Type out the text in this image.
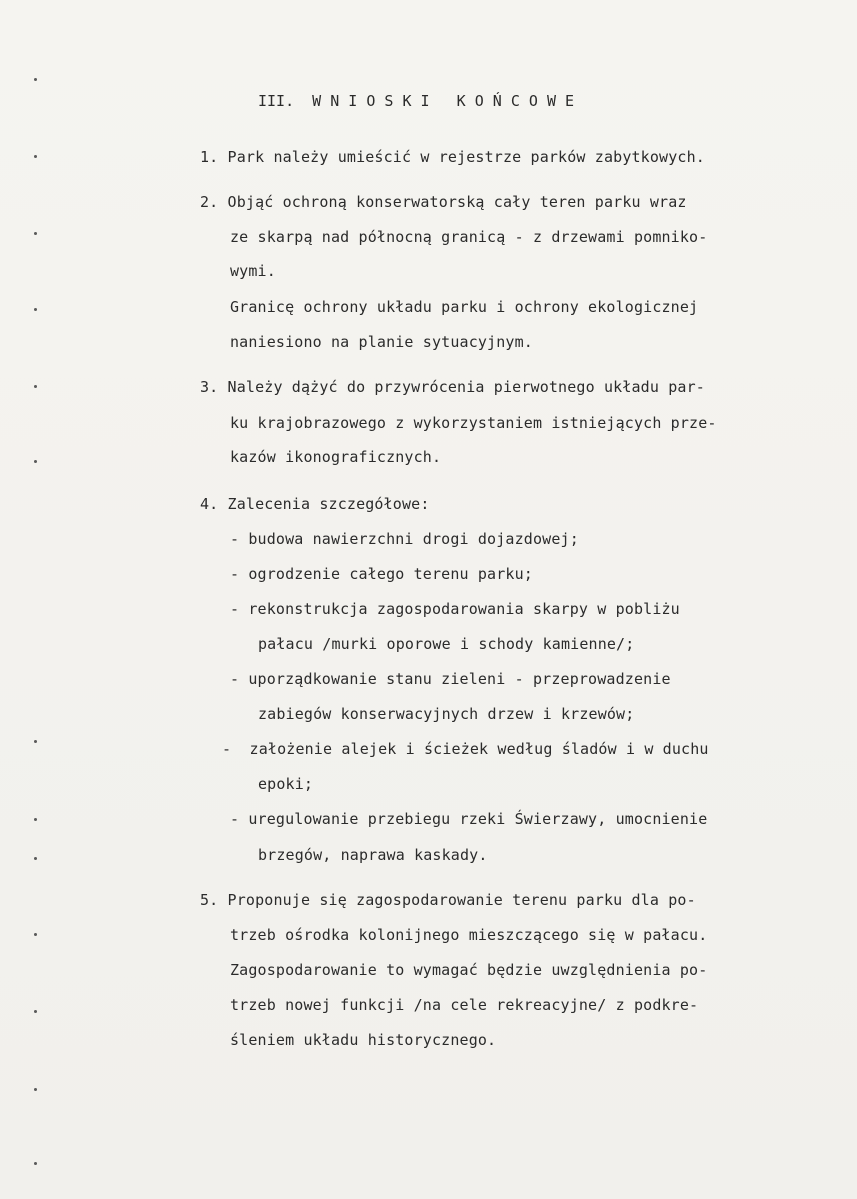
III.  W N I O S K I   K O Ń C O W E
1. Park należy umieścić w rejestrze parków zabytkowych.
2. Objąć ochroną konserwatorską cały teren parku wraz
ze skarpą nad północną granicą - z drzewami pomniko-
wymi.
Granicę ochrony układu parku i ochrony ekologicznej
naniesiono na planie sytuacyjnym.
3. Należy dążyć do przywrócenia pierwotnego układu par-
ku krajobrazowego z wykorzystaniem istniejących prze-
kazów ikonograficznych.
4. Zalecenia szczegółowe:
- budowa nawierzchni drogi dojazdowej;
- ogrodzenie całego terenu parku;
- rekonstrukcja zagospodarowania skarpy w pobliżu
pałacu /murki oporowe i schody kamienne/;
- uporządkowanie stanu zieleni - przeprowadzenie
zabiegów konserwacyjnych drzew i krzewów;
-  założenie alejek i ścieżek według śladów i w duchu
epoki;
- uregulowanie przebiegu rzeki Świerzawy, umocnienie
brzegów, naprawa kaskady.
5. Proponuje się zagospodarowanie terenu parku dla po-
trzeb ośrodka kolonijnego mieszczącego się w pałacu.
Zagospodarowanie to wymagać będzie uwzględnienia po-
trzeb nowej funkcji /na cele rekreacyjne/ z podkre-
śleniem układu historycznego.
